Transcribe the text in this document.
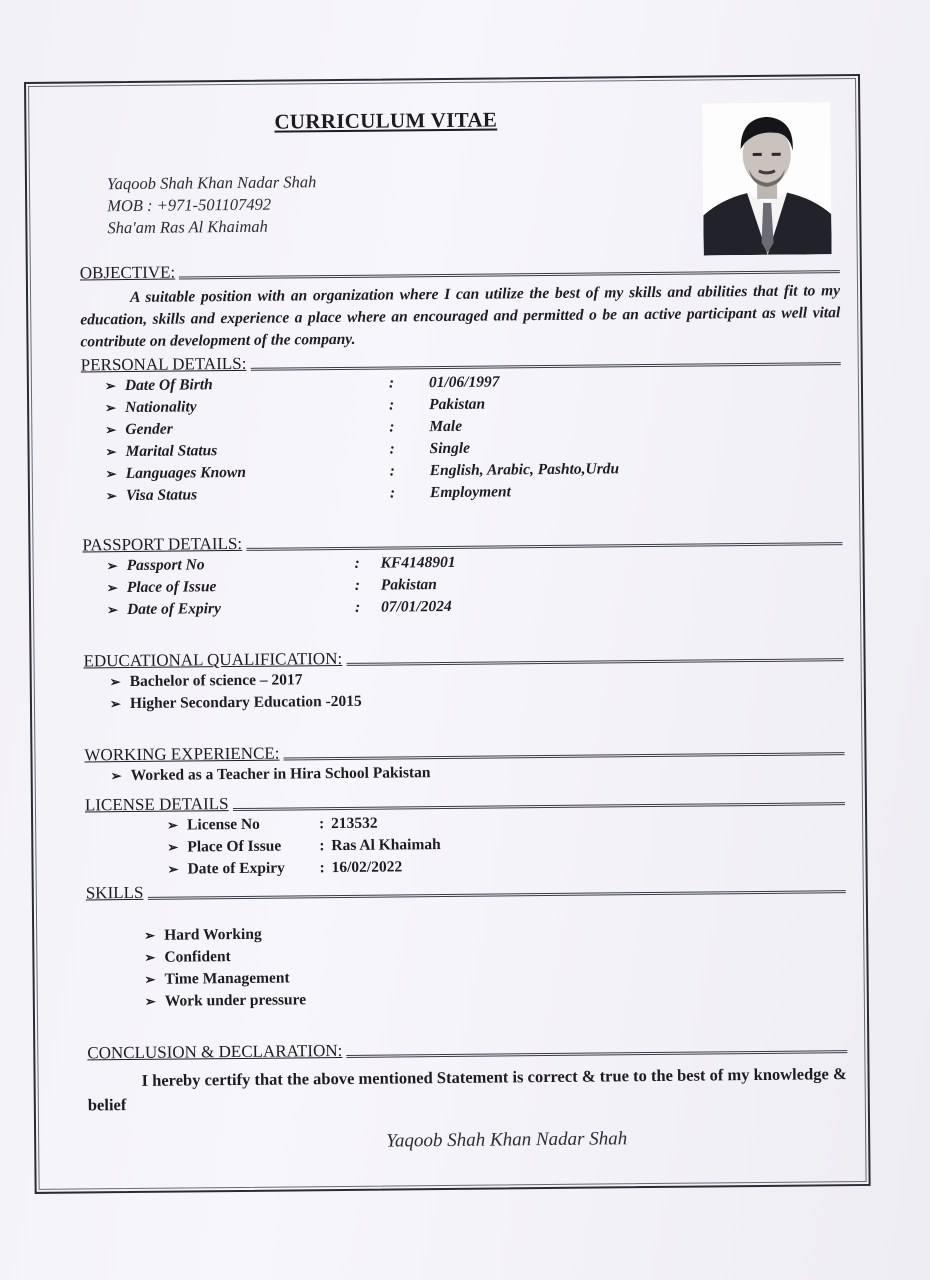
CURRICULUM VITAE
Yaqoob Shah Khan Nadar Shah
MOB : +971-501107492
Sha'am Ras Al Khaimah
OBJECTIVE:
A suitable position with an organization where I can utilize the best of my skills and abilities that fit to my education, skills and experience a place where an encouraged and permitted o be an active participant as well vital contribute on development of the company.
PERSONAL DETAILS:
➢ Date Of Birth	:	01/06/1997
➢ Nationality	:	Pakistan
➢ Gender	:	Male
➢ Marital Status	:	Single
➢ Languages Known	:	English, Arabic, Pashto,Urdu
➢ Visa Status	:	Employment
PASSPORT DETAILS:
➢ Passport No	:	KF4148901
➢ Place of Issue	:	Pakistan
➢ Date of Expiry	:	07/01/2024
EDUCATIONAL QUALIFICATION:
➢ Bachelor of science – 2017
➢ Higher Secondary Education -2015
WORKING EXPERIENCE:
➢ Worked as a Teacher in Hira School Pakistan
LICENSE DETAILS
➢ License No	: 213532
➢ Place Of Issue	: Ras Al Khaimah
➢ Date of Expiry	: 16/02/2022
SKILLS
➢ Hard Working
➢ Confident
➢ Time Management
➢ Work under pressure
CONCLUSION & DECLARATION:
I hereby certify that the above mentioned Statement is correct & true to the best of my knowledge & belief
Yaqoob Shah Khan Nadar Shah
